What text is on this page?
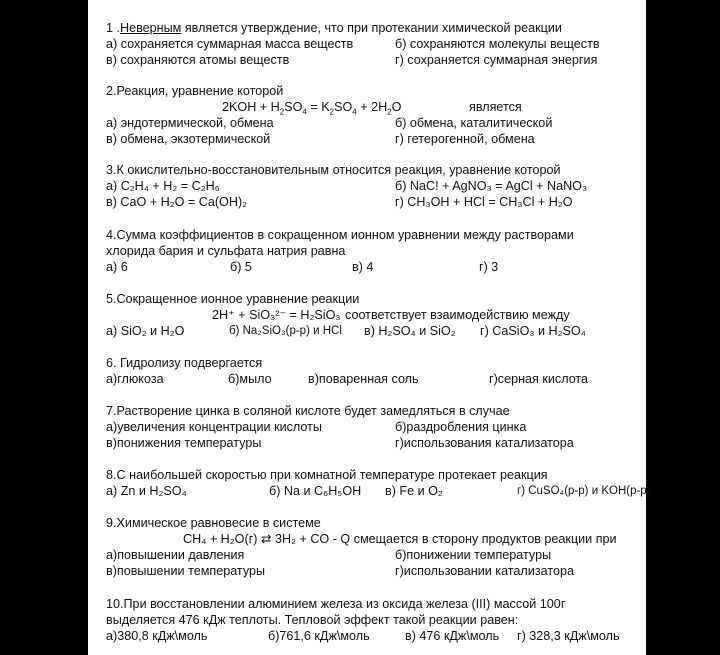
1 .Неверным является утверждение, что при протекании химической реакции
а) сохраняется суммарная масса веществ	б) сохраняются молекулы веществ
в) сохраняются атомы веществ	г) сохраняется суммарная энергия
2.Реакция, уравнение которой
$2KOH + H_2SO_4 = K_2SO_4 + 2H_2O$	является
а) эндотермической, обмена	б) обмена, каталитической
в) обмена, экзотермической	г) гетерогенной, обмена
3.К окислительно-восстановительным относится реакция, уравнение которой
а) C₂H₄ + H₂ = C₂H₆	б) NaC! + AgNO₃ = AgCl + NaNO₃
в) CaO + H₂O = Ca(OH)₂	г) CH₃OH + HCl = CH₃Cl + H₂O
4.Сумма коэффициентов в сокращенном ионном уравнении между растворами
хлорида бария и сульфата натрия равна
а) 6	б) 5	в) 4	г) 3
5.Сокращенное ионное уравнение реакции
2H⁺ + SiO₃²⁻ = H₂SiO₃ соответствует взаимодействию между
а) SiO₂ и H₂O	б) Na₂SiO₃(р-р) и HCl в) H₂SO₄ и SiO₂ г) CaSiO₃ и H₂SO₄
6. Гидролизу подвергается
а)глюкоза	б)мыло	в)поваренная соль	г)серная кислота
7.Растворение цинка в соляной кислоте будет замедляться в случае
а)увеличения концентрации кислоты	б)раздробления цинка
в)понижения температуры	г)использования катализатора
8.С наибольшей скоростью при комнатной температуре протекает реакция
а) Zn и H₂SO₄	б) Na и C₆H₅OH в) Fe и O₂	г) CuSO₄(р-р) и KOH(р-р)
9.Химическое равновесие в системе
CH₄ + H₂O(г) ⇄ 3H₂ + CO - Q смещается в сторону продуктов реакции при
а)повышении давления	б)понижении температуры
в)повышении температуры	г)использовании катализатора
10.При восстановлении алюминием железа из оксида железа (III) массой 100г
выделяется 476 кДж теплоты. Тепловой эффект такой реакции равен:
а)380,8 кДж\моль	б)761,6 кДж\моль	в) 476 кДж\моль г) 328,3 кДж\моль
